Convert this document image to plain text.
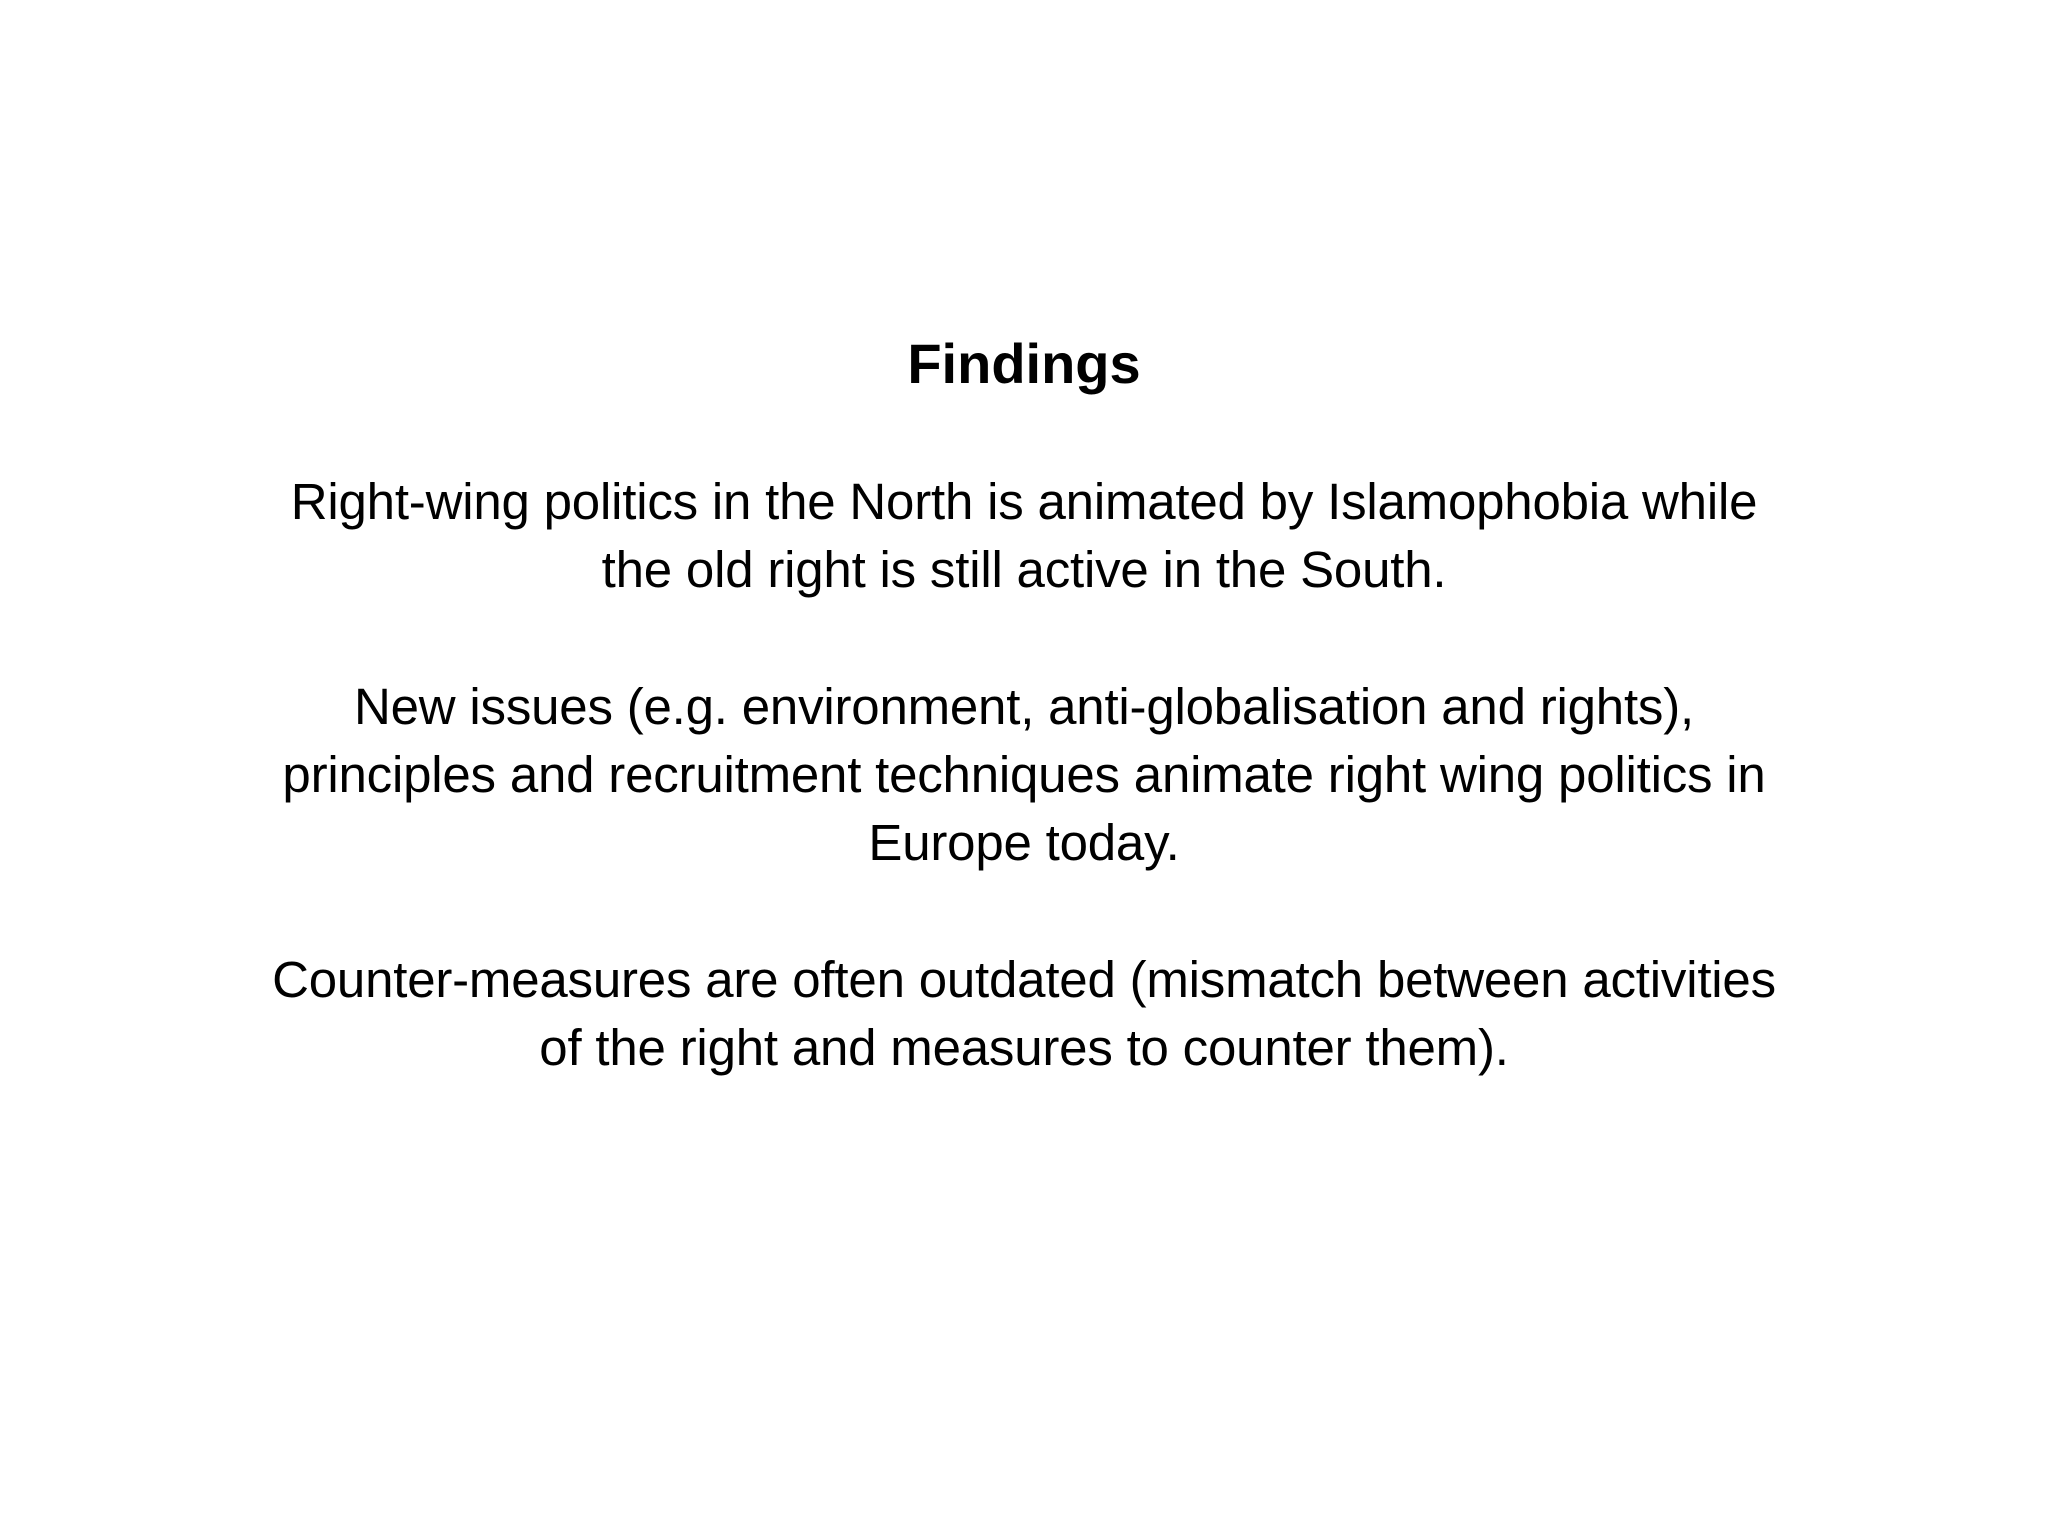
Findings

Right-wing politics in the North is animated by Islamophobia while
the old right is still active in the South.

New issues (e.g. environment, anti-globalisation and rights),
principles and recruitment techniques animate right wing politics in
Europe today.

Counter-measures are often outdated (mismatch between activities
of the right and measures to counter them).
